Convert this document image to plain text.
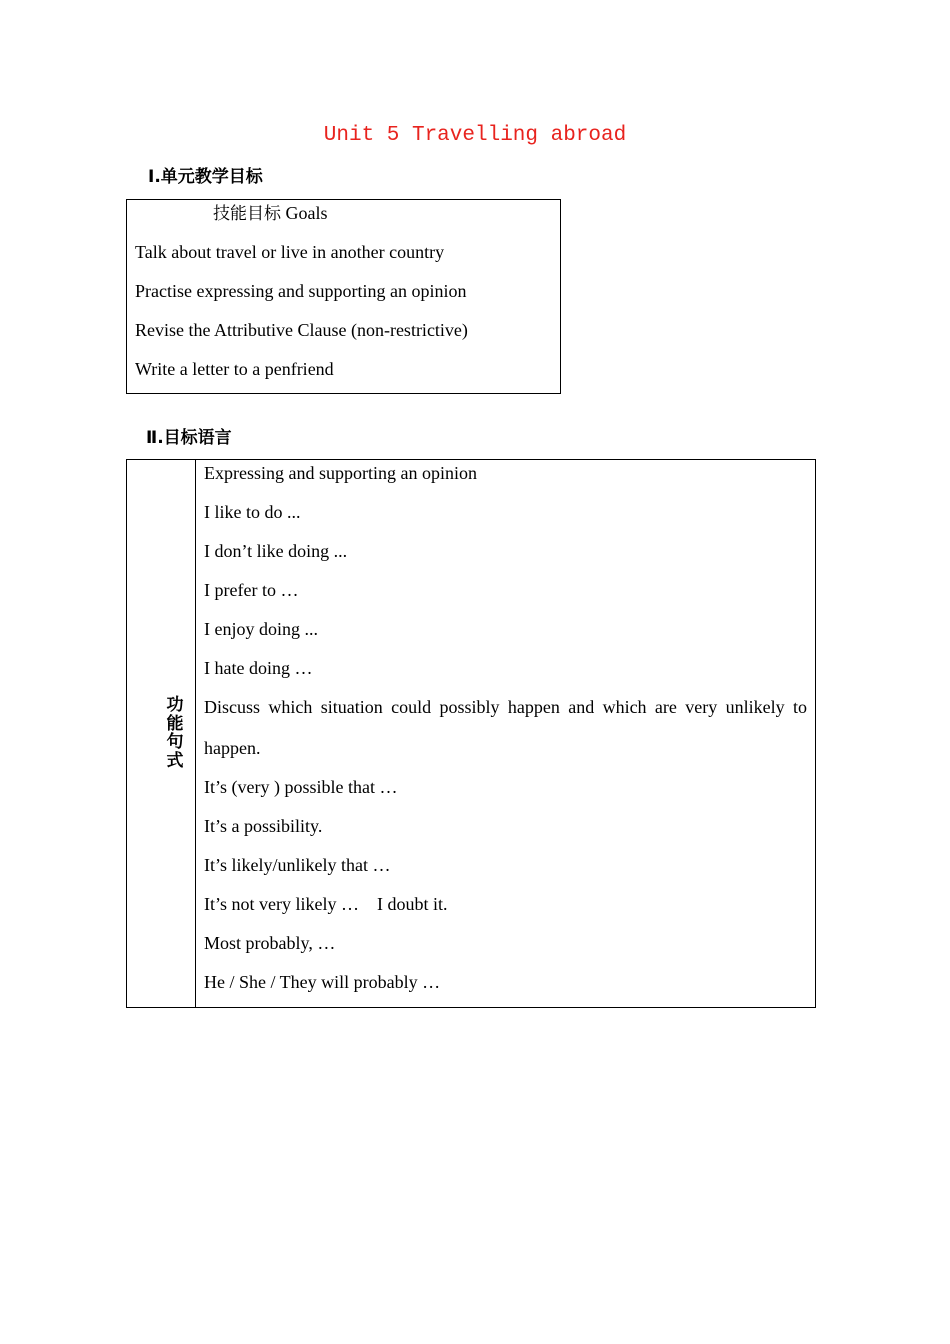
Unit 5 Travelling abroad
Ⅰ.单元教学目标
技能目标 Goals
Talk about travel or live in another country
Practise expressing and supporting an opinion
Revise the Attributive Clause (non-restrictive)
Write a letter to a penfriend
Ⅱ.目标语言
功
能
句
式
Expressing and supporting an opinion
I like to do ...
I don’t like doing ...
I prefer to …
I enjoy doing ...
I hate doing …
Discuss which situation could possibly happen and which are very unlikely to
happen.
It’s (very ) possible that …
It’s a possibility.
It’s likely/unlikely that …
It’s not very likely …    I doubt it.
Most probably, …
He / She / They will probably …
